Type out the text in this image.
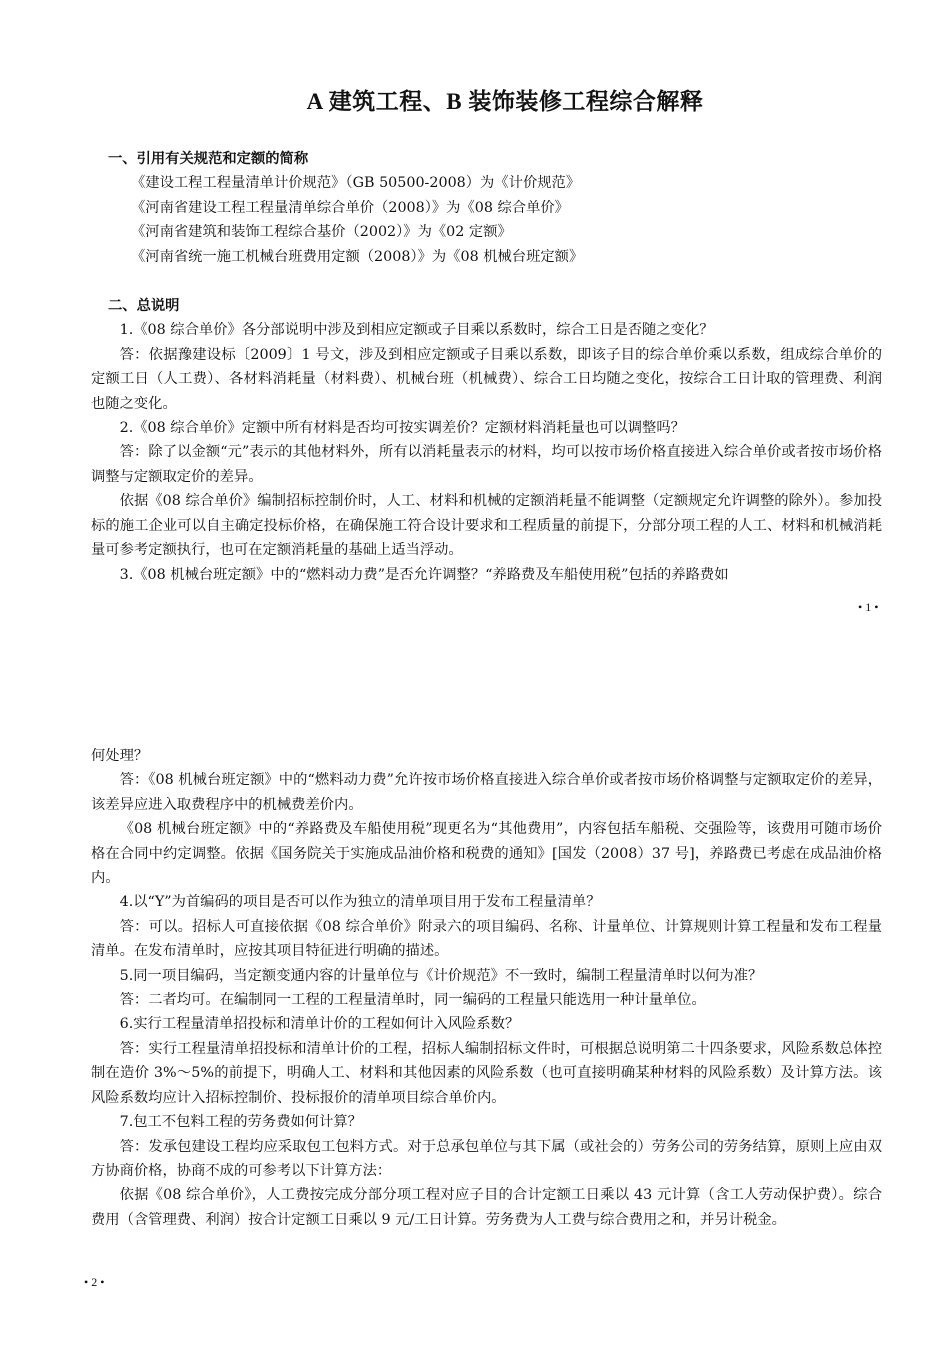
A 建筑工程、B 装饰装修工程综合解释
一、引用有关规范和定额的简称
《建设工程工程量清单计价规范》（GB 50500-2008）为《计价规范》
《河南省建设工程工程量清单综合单价（2008）》为《08 综合单价》
《河南省建筑和装饰工程综合基价（2002）》为《02 定额》
《河南省统一施工机械台班费用定额（2008）》为《08 机械台班定额》
二、总说明

1.《08 综合单价》各分部说明中涉及到相应定额或子目乘以系数时，综合工日是否随之变化？

答：依据豫建设标〔2009〕1 号文，涉及到相应定额或子目乘以系数，即该子目的综合单价乘以系数，组成综合单价的定额工日（人工费）、各材料消耗量（材料费）、机械台班（机械费）、综合工日均随之变化，按综合工日计取的管理费、利润也随之变化。

2.《08 综合单价》定额中所有材料是否均可按实调差价？定额材料消耗量也可以调整吗？

答：除了以金额“元”表示的其他材料外，所有以消耗量表示的材料，均可以按市场价格直接进入综合单价或者按市场价格调整与定额取定价的差异。

依据《08 综合单价》编制招标控制价时，人工、材料和机械的定额消耗量不能调整（定额规定允许调整的除外）。参加投标的施工企业可以自主确定投标价格，在确保施工符合设计要求和工程质量的前提下，分部分项工程的人工、材料和机械消耗量可参考定额执行，也可在定额消耗量的基础上适当浮动。

3.《08 机械台班定额》中的“燃料动力费”是否允许调整？“养路费及车船使用税”包括的养路费如

• 1 •
何处理？

答：《08 机械台班定额》中的“燃料动力费”允许按市场价格直接进入综合单价或者按市场价格调整与定额取定价的差异，该差异应进入取费程序中的机械费差价内。

《08 机械台班定额》中的“养路费及车船使用税”现更名为“其他费用”，内容包括车船税、交强险等，该费用可随市场价格在合同中约定调整。依据《国务院关于实施成品油价格和税费的通知》[国发（2008）37 号]，养路费已考虑在成品油价格内。

4.以“Y”为首编码的项目是否可以作为独立的清单项目用于发布工程量清单？

答：可以。招标人可直接依据《08 综合单价》附录六的项目编码、名称、计量单位、计算规则计算工程量和发布工程量清单。在发布清单时，应按其项目特征进行明确的描述。

5.同一项目编码，当定额变通内容的计量单位与《计价规范》不一致时，编制工程量清单时以何为准？

答：二者均可。在编制同一工程的工程量清单时，同一编码的工程量只能选用一种计量单位。

6.实行工程量清单招投标和清单计价的工程如何计入风险系数？

答：实行工程量清单招投标和清单计价的工程，招标人编制招标文件时，可根据总说明第二十四条要求，风险系数总体控制在造价 3%～5%的前提下，明确人工、材料和其他因素的风险系数（也可直接明确某种材料的风险系数）及计算方法。该风险系数均应计入招标控制价、投标报价的清单项目综合单价内。

7.包工不包料工程的劳务费如何计算？

答：发承包建设工程均应采取包工包料方式。对于总承包单位与其下属（或社会的）劳务公司的劳务结算，原则上应由双方协商价格，协商不成的可参考以下计算方法：

依据《08 综合单价》，人工费按完成分部分项工程对应子目的合计定额工日乘以 43 元计算（含工人劳动保护费）。综合费用（含管理费、利润）按合计定额工日乘以 9 元/工日计算。劳务费为人工费与综合费用之和，并另计税金。

• 2 •
